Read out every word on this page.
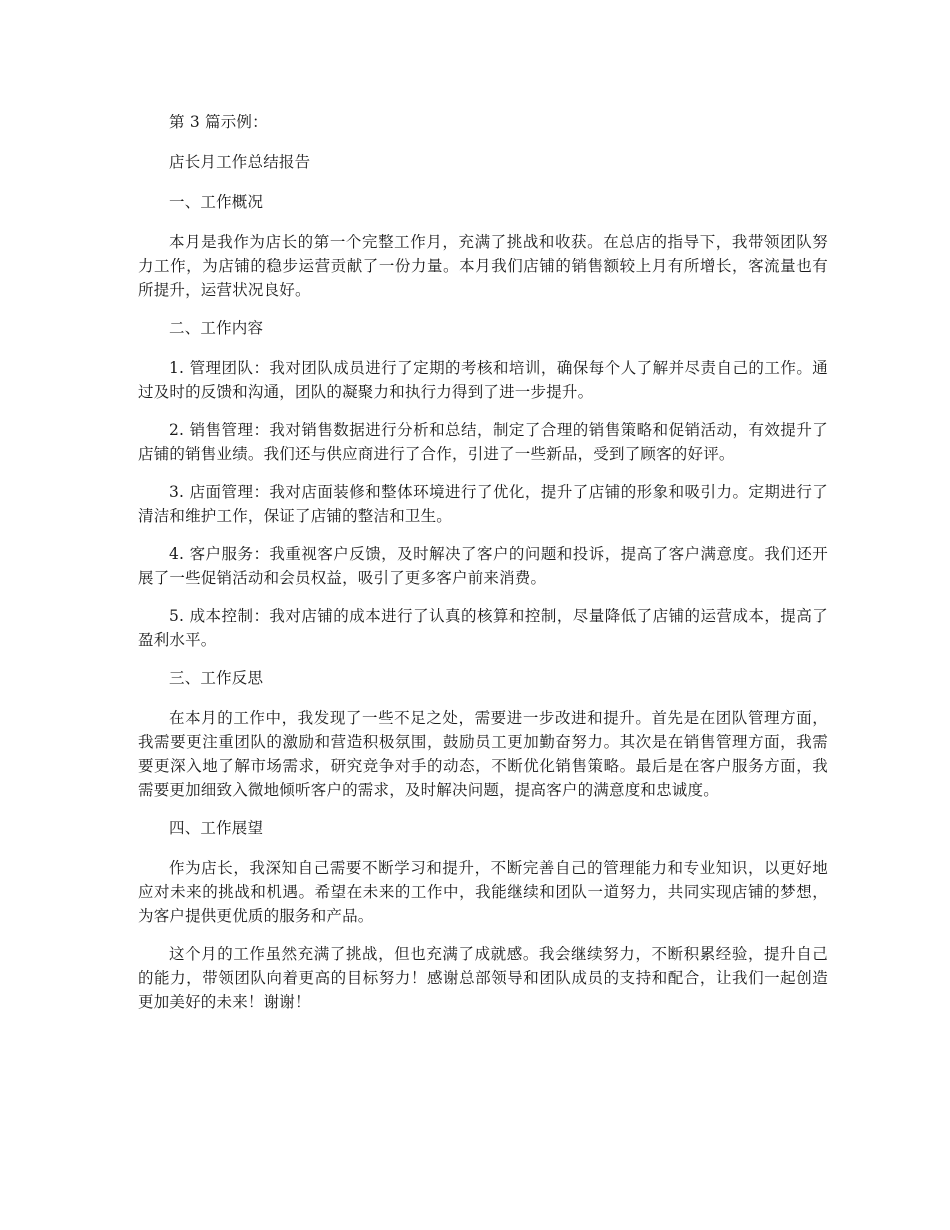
第 3 篇示例：

店长月工作总结报告

一、工作概况

本月是我作为店长的第一个完整工作月，充满了挑战和收获。在总店的指导下，我带领团队努力工作，为店铺的稳步运营贡献了一份力量。本月我们店铺的销售额较上月有所增长，客流量也有所提升，运营状况良好。

二、工作内容

1. 管理团队：我对团队成员进行了定期的考核和培训，确保每个人了解并尽责自己的工作。通过及时的反馈和沟通，团队的凝聚力和执行力得到了进一步提升。

2. 销售管理：我对销售数据进行分析和总结，制定了合理的销售策略和促销活动，有效提升了店铺的销售业绩。我们还与供应商进行了合作，引进了一些新品，受到了顾客的好评。

3. 店面管理：我对店面装修和整体环境进行了优化，提升了店铺的形象和吸引力。定期进行了清洁和维护工作，保证了店铺的整洁和卫生。

4. 客户服务：我重视客户反馈，及时解决了客户的问题和投诉，提高了客户满意度。我们还开展了一些促销活动和会员权益，吸引了更多客户前来消费。

5. 成本控制：我对店铺的成本进行了认真的核算和控制，尽量降低了店铺的运营成本，提高了盈利水平。

三、工作反思

在本月的工作中，我发现了一些不足之处，需要进一步改进和提升。首先是在团队管理方面，我需要更注重团队的激励和营造积极氛围，鼓励员工更加勤奋努力。其次是在销售管理方面，我需要更深入地了解市场需求，研究竞争对手的动态，不断优化销售策略。最后是在客户服务方面，我需要更加细致入微地倾听客户的需求，及时解决问题，提高客户的满意度和忠诚度。

四、工作展望

作为店长，我深知自己需要不断学习和提升，不断完善自己的管理能力和专业知识，以更好地应对未来的挑战和机遇。希望在未来的工作中，我能继续和团队一道努力，共同实现店铺的梦想，为客户提供更优质的服务和产品。

这个月的工作虽然充满了挑战，但也充满了成就感。我会继续努力，不断积累经验，提升自己的能力，带领团队向着更高的目标努力！感谢总部领导和团队成员的支持和配合，让我们一起创造更加美好的未来！谢谢！
